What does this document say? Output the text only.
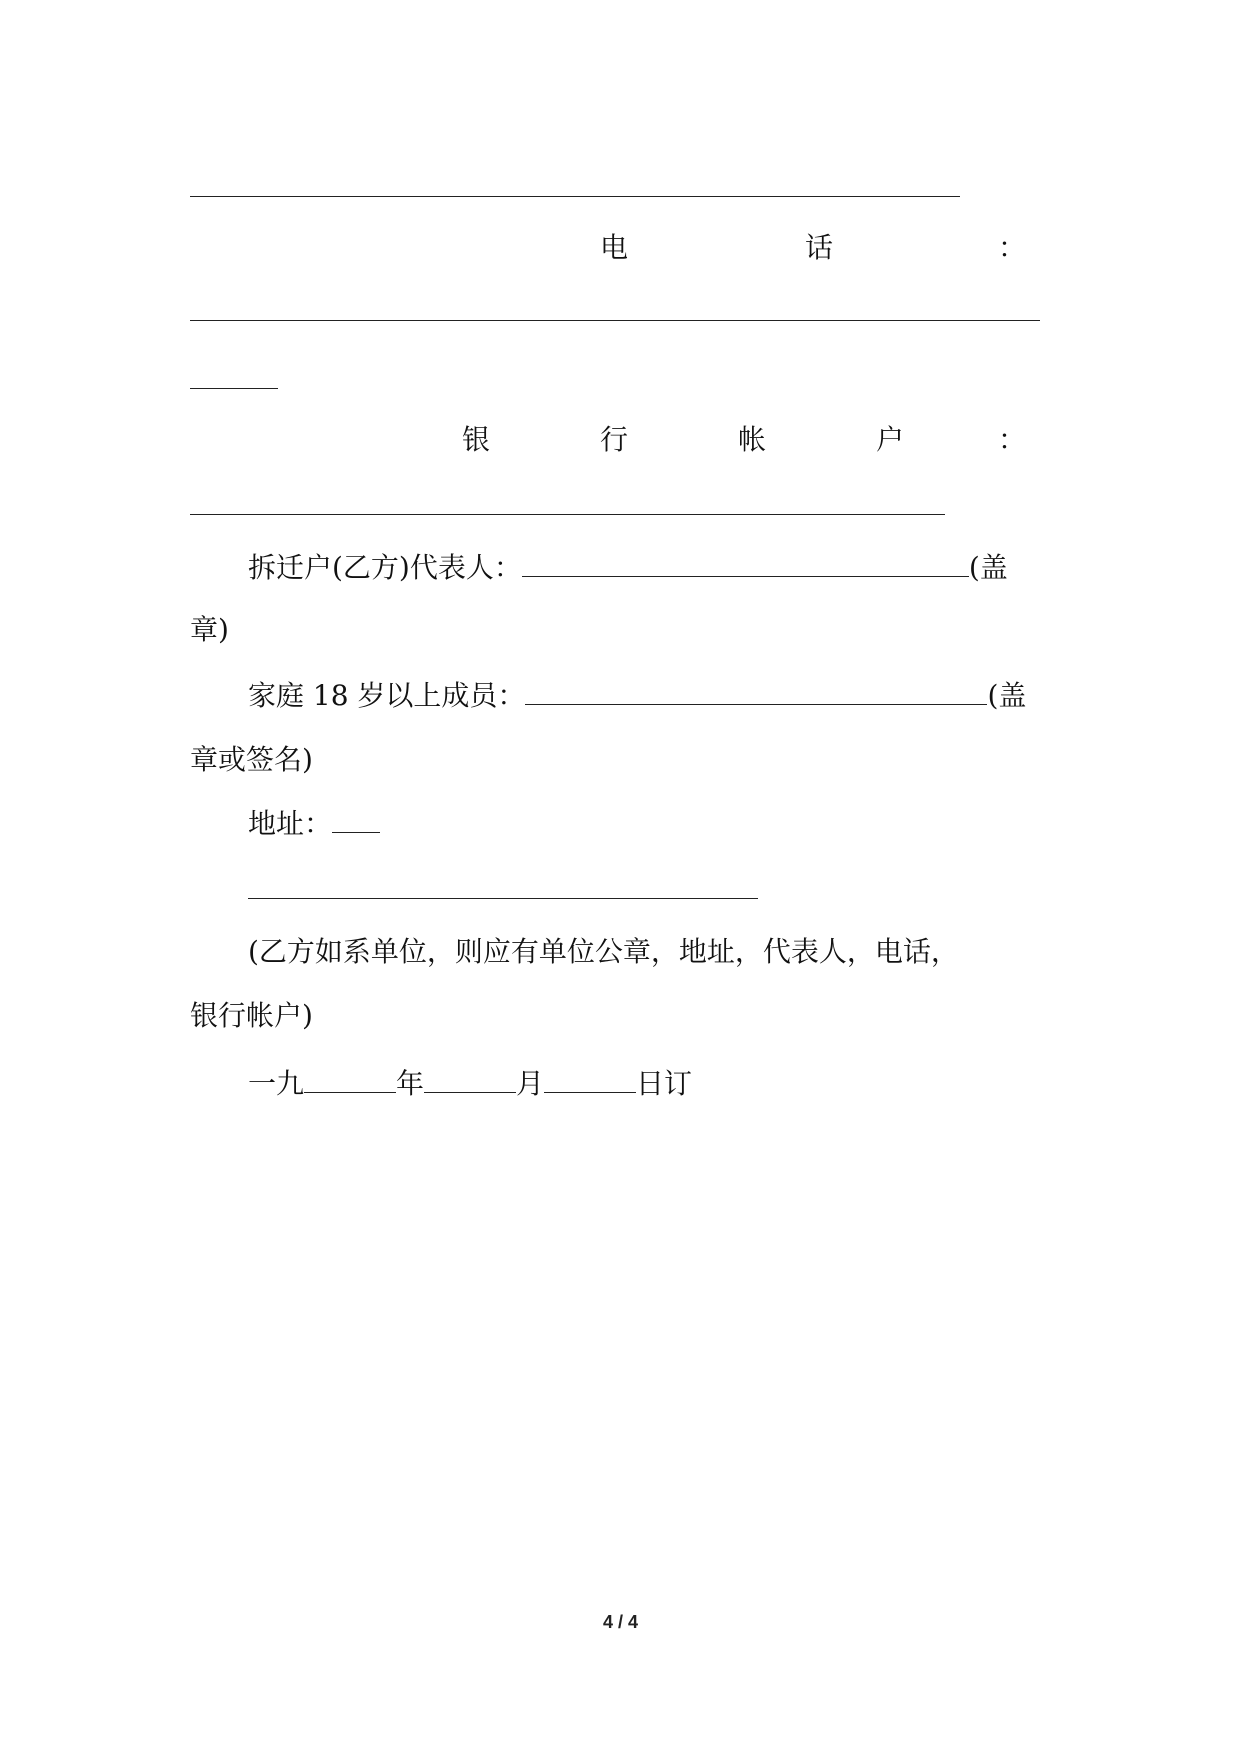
电	话	：
银	行	帐	户	：
拆迁户(乙方)代表人：	(盖
章)
家庭 18 岁以上成员：	(盖
章或签名)
地址：
(乙方如系单位，则应有单位公章，地址，代表人，电话，
银行帐户)
一九	年	月	日订
4 / 4
